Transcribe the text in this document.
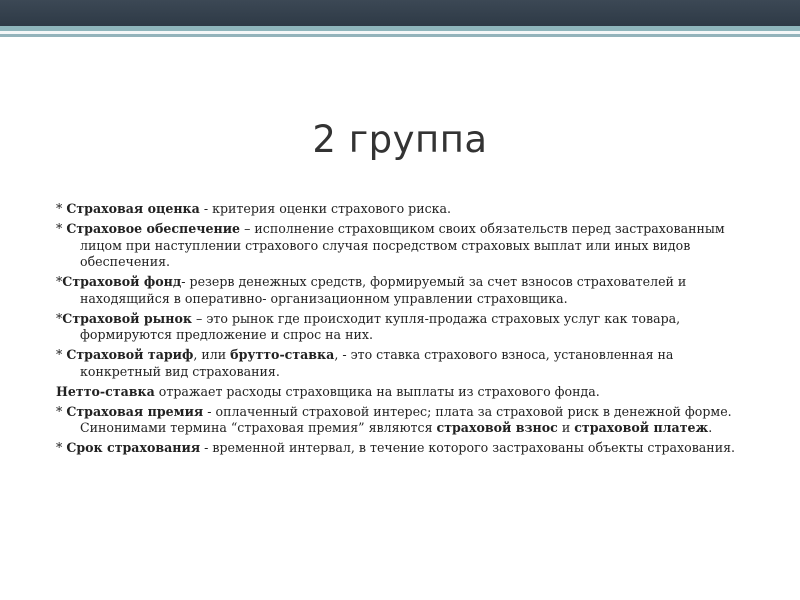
2 группа
* Страховая оценка - критерия оценки страхового риска.
* Страховое обеспечение – исполнение страховщиком своих обязательств перед застрахованным лицом при наступлении страхового случая посредством страховых выплат или иных видов обеспечения.
*Страховой фонд- резерв денежных средств, формируемый за счет взносов страхователей и находящийся в оперативно- организационном управлении страховщика.
*Страховой рынок – это рынок где происходит купля-продажа страховых услуг как товара, формируются предложение и спрос на них.
* Страховой тариф, или брутто-ставка, - это ставка страхового взноса, установленная на конкретный вид страхования.
Нетто-ставка отражает расходы страховщика на выплаты из страхового фонда.
* Страховая премия - оплаченный страховой интерес; плата за страховой риск в денежной форме. Синонимами термина “страховая премия” являются страховой взнос и страховой платеж.
* Срок страхования - временной интервал, в течение которого застрахованы объекты страхования.
